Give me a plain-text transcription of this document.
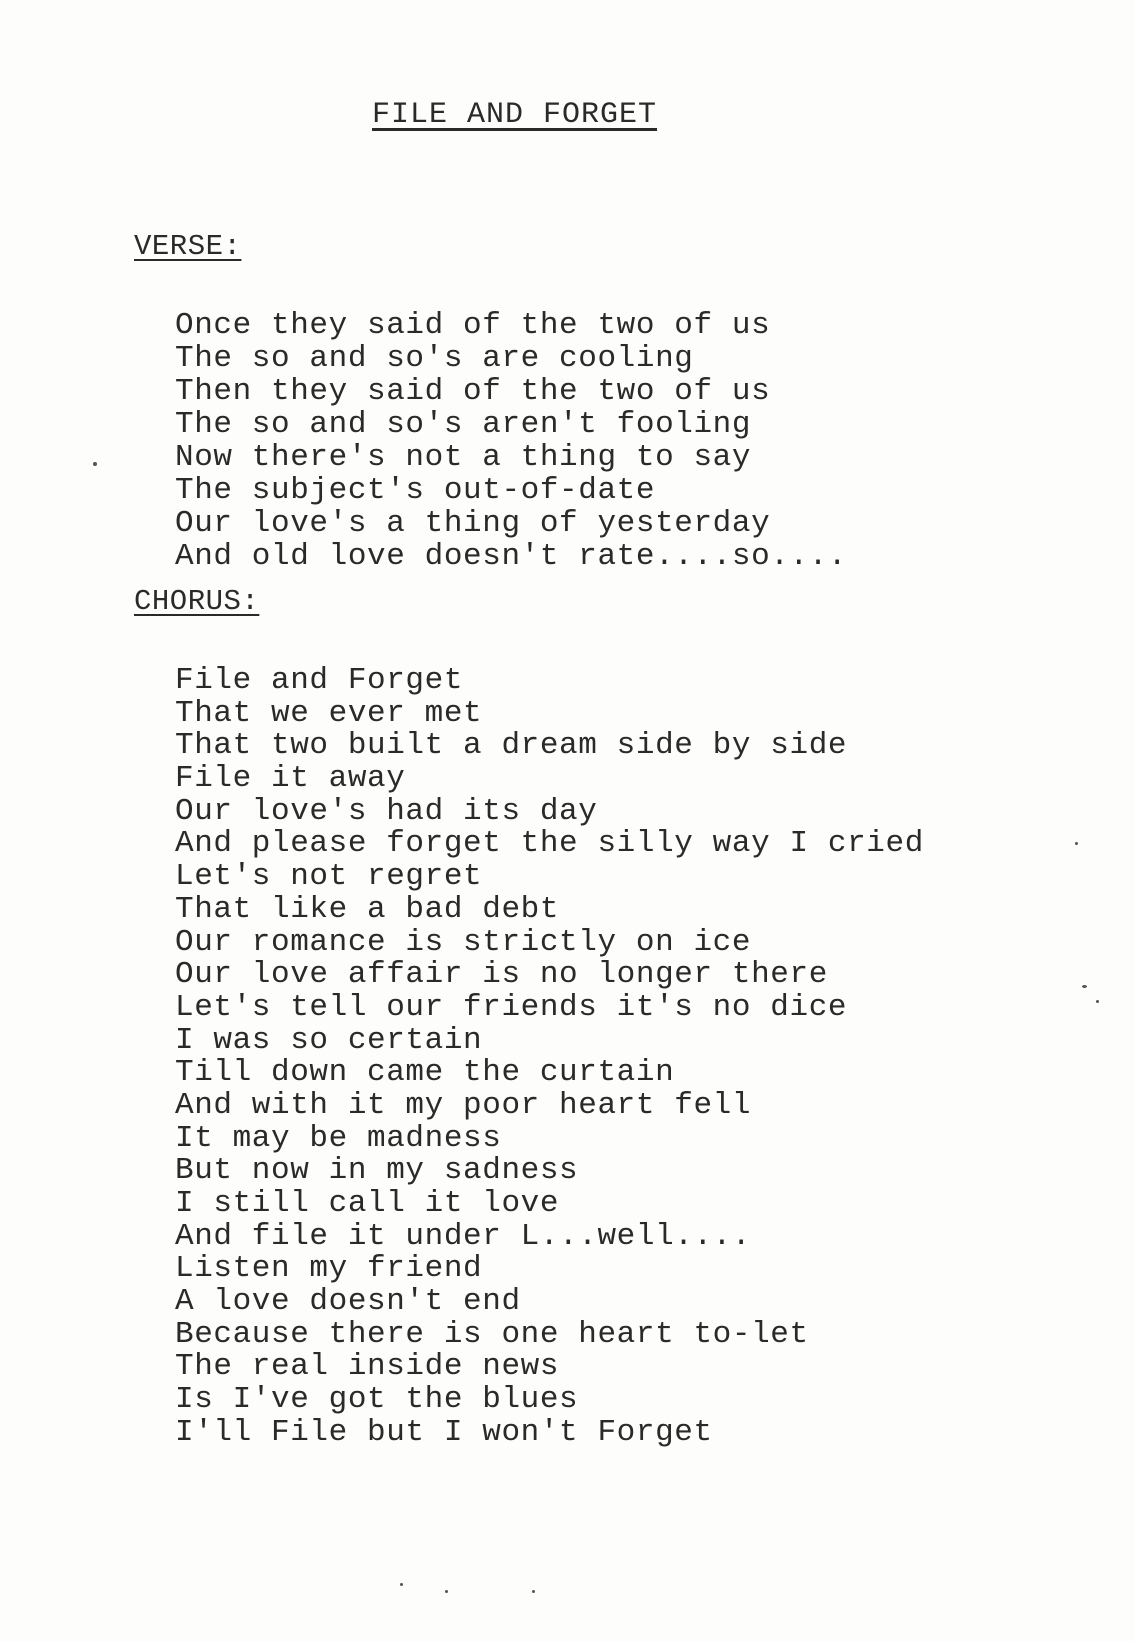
FILE AND FORGET
VERSE:
Once they said of the two of us
The so and so's are cooling
Then they said of the two of us
The so and so's aren't fooling
Now there's not a thing to say
The subject's out-of-date
Our love's a thing of yesterday
And old love doesn't rate....so....
CHORUS:
File and Forget
That we ever met
That two built a dream side by side
File it away
Our love's had its day
And please forget the silly way I cried
Let's not regret
That like a bad debt
Our romance is strictly on ice
Our love affair is no longer there
Let's tell our friends it's no dice
I was so certain
Till down came the curtain
And with it my poor heart fell
It may be madness
But now in my sadness
I still call it love
And file it under L...well....
Listen my friend
A love doesn't end
Because there is one heart to-let
The real inside news
Is I've got the blues
I'll File but I won't Forget
